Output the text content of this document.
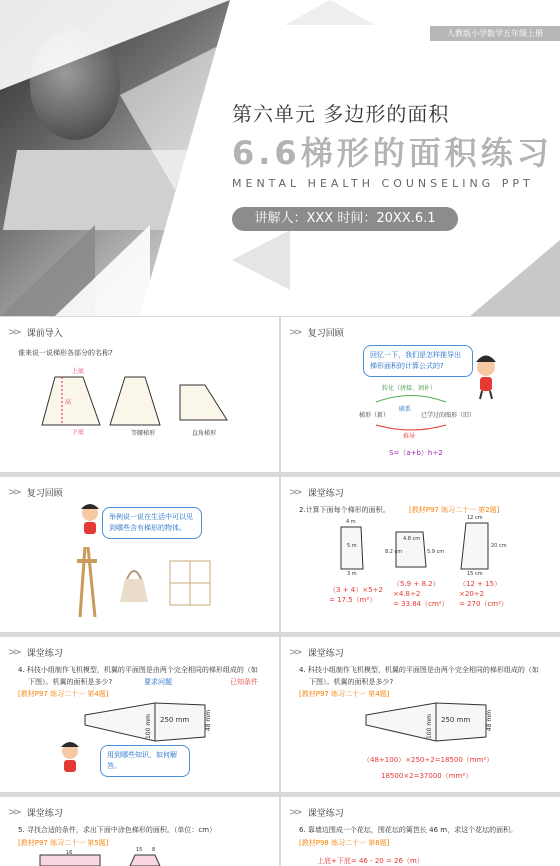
人教版小学数学五年级上册
第六单元 多边形的面积
6.6梯形的面积练习
MENTAL HEALTH COUNSELING PPT
讲解人：XXX 时间：20XX.6.1
>> 课前导入
谁来说一说梯形各部分的名称?
上底
高
下底	等腰梯形	直角梯形
>> 复习回顾
回忆一下，我们是怎样推导出梯形面积的计算公式的?
转化（拼接、割补）
联系
梯形（新）	已学过的图形（旧）
推导
S=（a+b）h÷2
>> 复习回顾
举例说一说在生活中可以见到哪些含有梯形的物体。
>> 课堂练习
2.计算下面每个梯形的面积。	[教材P97 练习二十一 第2题]
4 m
5 m
3 m
4.8 cm
8.2 cm	5.9 cm
12 cm
20 cm
15 cm
（3 + 4）×5÷2
= 17.5（m²）
（5.9 + 8.2）
×4.8÷2
= 33.84（cm²）
（12 + 15）
×20÷2
= 270（cm²）
>> 课堂练习
4. 科技小组制作飞机模型，机翼的平面图是由两个完全相同的梯形组成的（如
下图）。机翼的面积是多少?	要求问题	已知条件
[教材P97 练习二十一 第4题]
250 mm
100 mm	48 mm
用到哪些知识，如何解答。
>> 课堂练习
4. 科技小组制作飞机模型，机翼的平面图是由两个完全相同的梯形组成的（如
下图）。机翼的面积是多少?
[教材P97 练习二十一 第4题]
250 mm
100 mm	48 mm
（48+100）×250÷2=18500（mm²）
18500×2=37000（mm²）
>> 课堂练习
5. 寻找合适的条件，求出下面中涂色梯形的面积。（单位：cm）
[教材P97 练习二十一 第5题]
16	15 8
>> 课堂练习
6. 靠墙边围成一个花坛，围花坛的篱笆长 46 m，求这个花坛的面积。
[教材P98 练习二十一 第6题]
上底+下底= 46 - 20 = 26（m）
